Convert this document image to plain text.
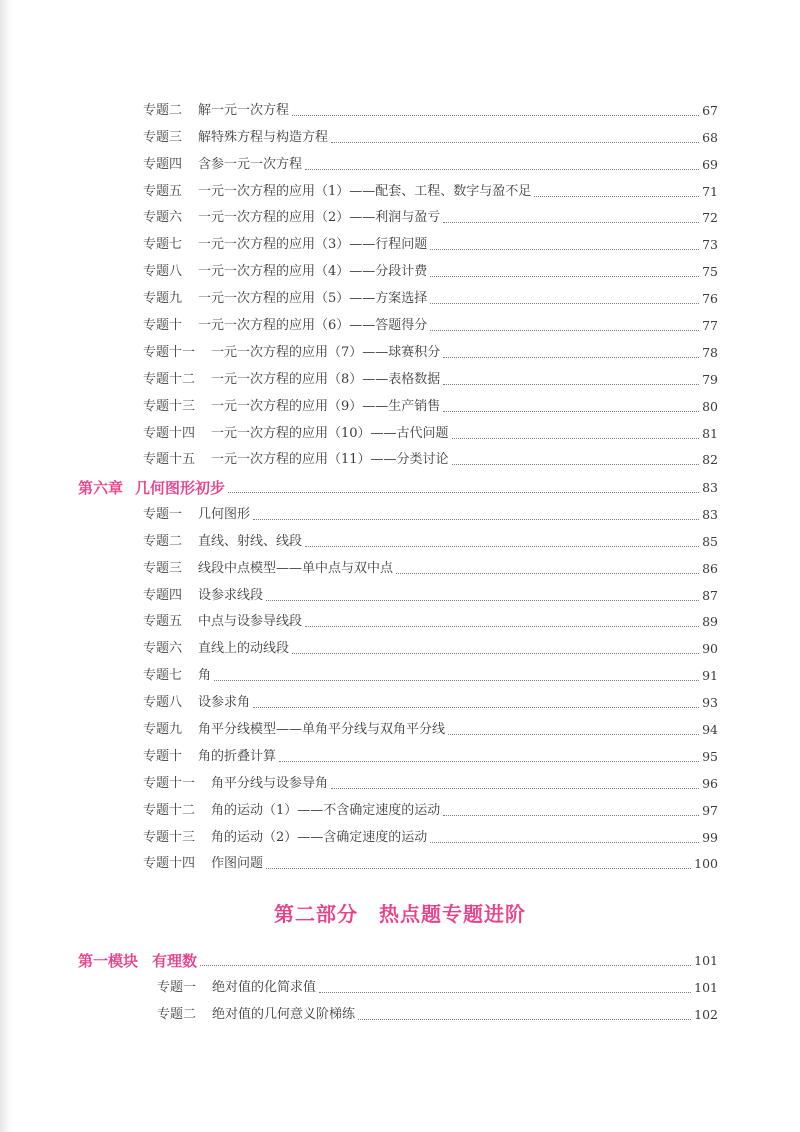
专题二 解一元一次方程	67
专题三 解特殊方程与构造方程	68
专题四 含参一元一次方程	69
专题五 一元一次方程的应用（1）——配套、工程、数字与盈不足	71
专题六 一元一次方程的应用（2）——利润与盈亏	72
专题七 一元一次方程的应用（3）——行程问题	73
专题八 一元一次方程的应用（4）——分段计费	75
专题九 一元一次方程的应用（5）——方案选择	76
专题十 一元一次方程的应用（6）——答题得分	77
专题十一 一元一次方程的应用（7）——球赛积分	78
专题十二 一元一次方程的应用（8）——表格数据	79
专题十三 一元一次方程的应用（9）——生产销售	80
专题十四 一元一次方程的应用（10）——古代问题	81
专题十五 一元一次方程的应用（11）——分类讨论	82
第六章 几何图形初步	83
专题一 几何图形	83
专题二 直线、射线、线段	85
专题三 线段中点模型——单中点与双中点	86
专题四 设参求线段	87
专题五 中点与设参导线段	89
专题六 直线上的动线段	90
专题七 角	91
专题八 设参求角	93
专题九 角平分线模型——单角平分线与双角平分线	94
专题十 角的折叠计算	95
专题十一 角平分线与设参导角	96
专题十二 角的运动（1）——不含确定速度的运动	97
专题十三 角的运动（2）——含确定速度的运动	99
专题十四 作图问题	100
第二部分　热点题专题进阶
第一模块 有理数	101
专题一 绝对值的化简求值	101
专题二 绝对值的几何意义阶梯练	102
